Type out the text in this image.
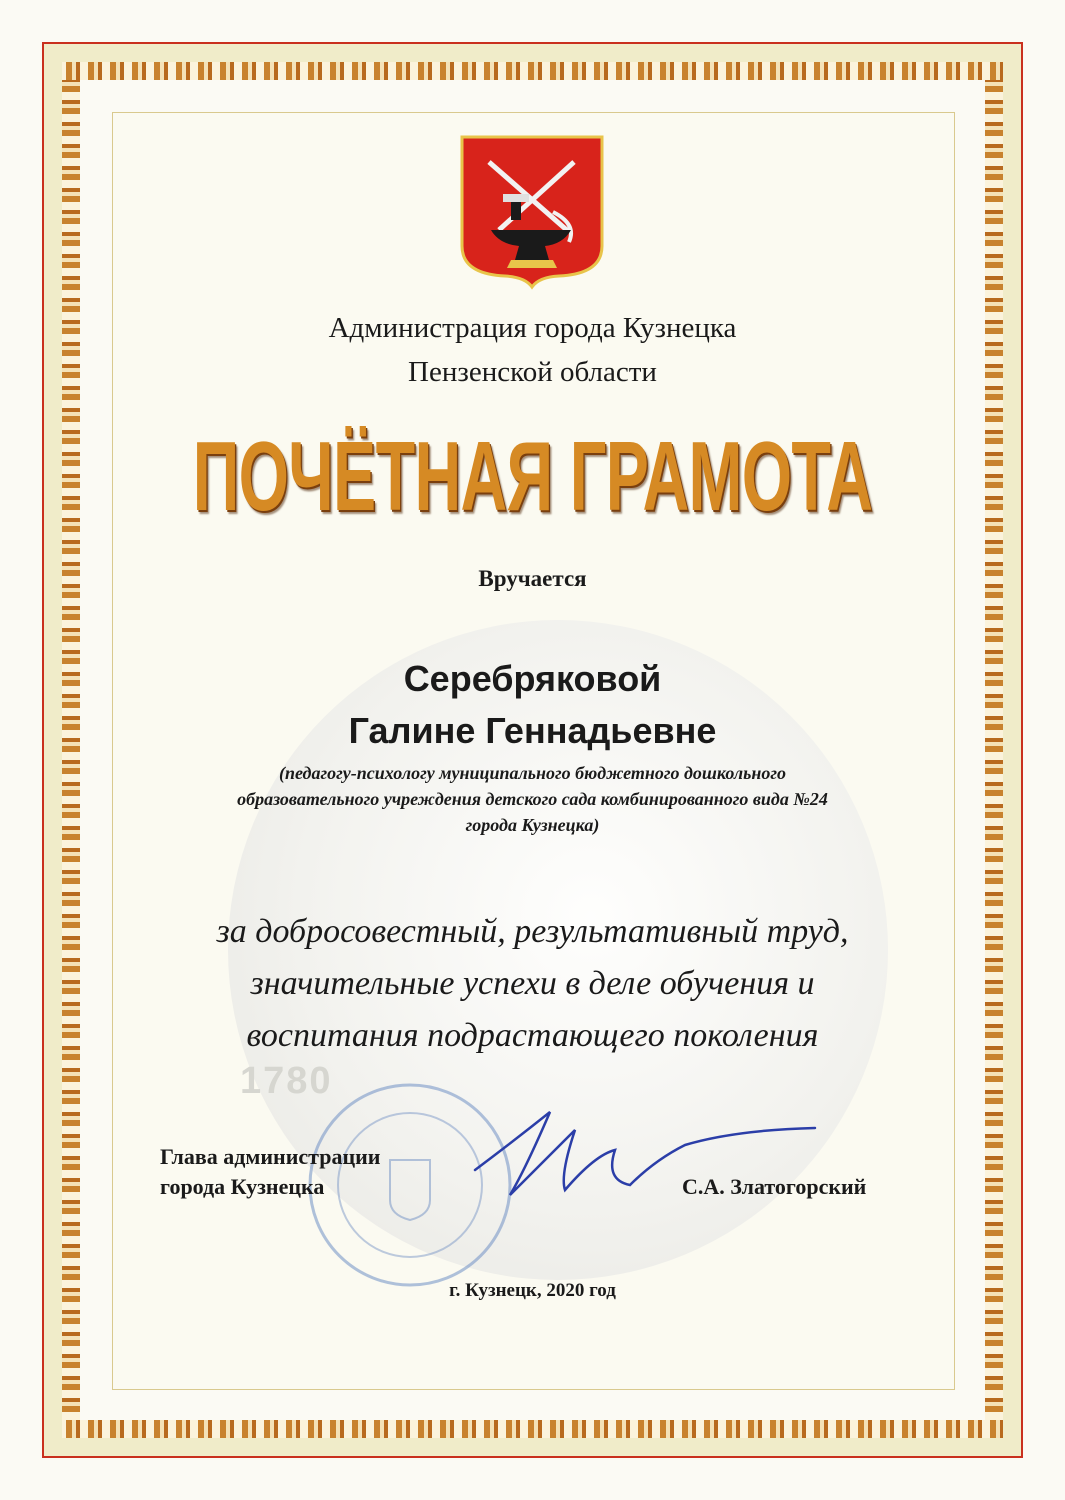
1780

Администрация города Кузнецка

Пензенской области

ПОЧЁТНАЯ ГРАМОТА

Вручается

Серебряковой

Галине Геннадьевне

(педагогу-психологу муниципального бюджетного дошкольного
образовательного учреждения детского сада комбинированного вида №24
города Кузнецка)
за добросовестный, результативный труд,
значительные успехи в деле обучения и
воспитания подрастающего поколения
Глава администрации
города Кузнецка	С.А. Златогорский

г. Кузнецк, 2020 год
